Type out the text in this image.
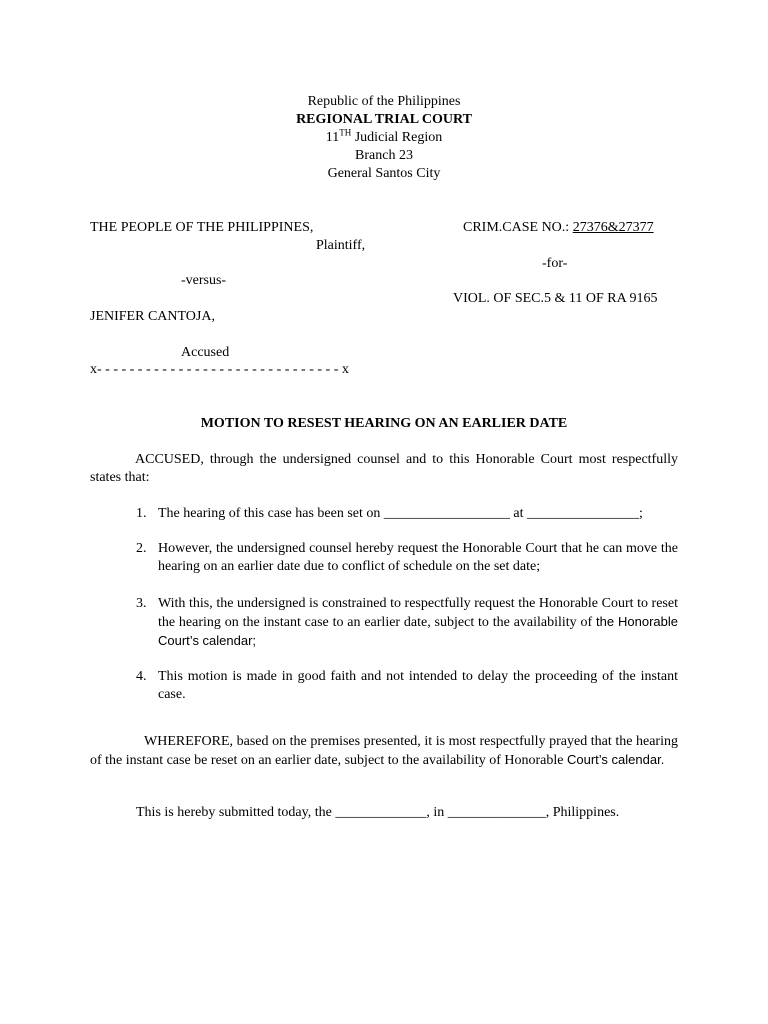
Republic of the Philippines
REGIONAL TRIAL COURT
11TH Judicial Region
Branch 23
General Santos City
THE PEOPLE OF THE PHILIPPINES,
Plaintiff,
-versus-
JENIFER CANTOJA,
Accused
x- - - - - - - - - - - - - - - - - - - - - - - - - - - - - - x
CRIM.CASE NO.: 27376&27377
-for-
VIOL. OF SEC.5 & 11 OF RA 9165
MOTION TO RESEST HEARING ON AN EARLIER DATE
ACCUSED, through the undersigned counsel and to this Honorable Court most respectfully states that:
1. The hearing of this case has been set on __________________ at ________________;
2. However, the undersigned counsel hereby request the Honorable Court that he can move the hearing on an earlier date due to conflict of schedule on the set date;
3. With this, the undersigned is constrained to respectfully request the Honorable Court to reset the hearing on the instant case to an earlier date, subject to the availability of the Honorable Court’s calendar;
4. This motion is made in good faith and not intended to delay the proceeding of the instant case.
WHEREFORE, based on the premises presented, it is most respectfully prayed that the hearing of the instant case be reset on an earlier date, subject to the availability of Honorable Court’s calendar.
This is hereby submitted today, the _____________, in ______________, Philippines.
